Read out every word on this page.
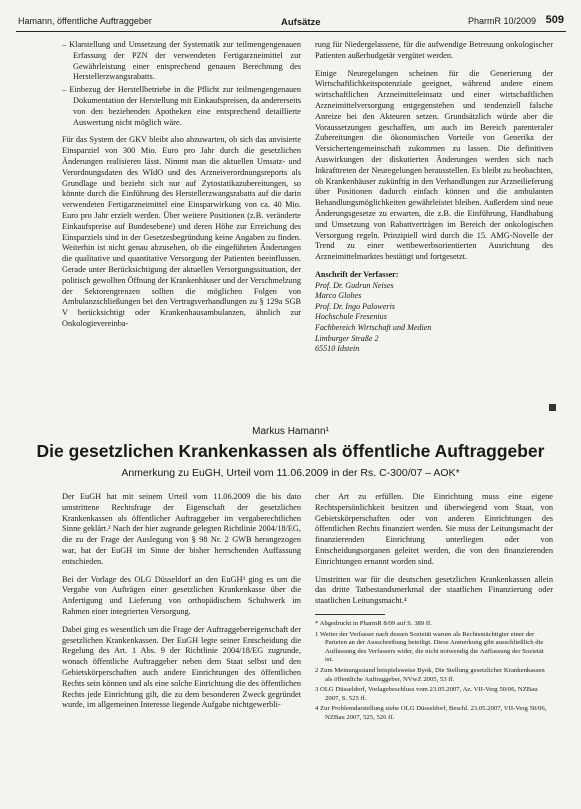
Hamann, öffentliche Auftraggeber	Aufsätze	PharmR 10/2009 509

– Klarstellung und Umsetzung der Systematik zur teilmengengenauen Erfassung der PZN der verwendeten Fertigarzneimittel zur Gewährleistung einer entsprechend genauen Berechnung des Herstellerzwangsrabatts.

– Einbezug der Herstellbetriebe in die Pflicht zur teilmengengenauen Dokumentation der Herstellung mit Einkaufspreisen, da andererseits von den beziehenden Apotheken eine entsprechend detaillierte Auswertung nicht möglich wäre.

Für das System der GKV bleibt also abzuwarten, ob sich das anvisierte Einsparziel von 300 Mio. Euro pro Jahr durch die gesetzlichen Änderungen realisieren lässt. Nimmt man die aktuellen Umsatz- und Verordnungsdaten des WIdO und des Arzneiverordnungsreports als Grundlage und bezieht sich nur auf Zytostatikazubereitungen, so könnte durch die Einführung des Herstellerzwangsrabatts auf die darin verwendeten Fertigarzneimittel eine Einsparwirkung von ca. 40 Mio. Euro pro Jahr erzielt werden. Über weitere Positionen (z.B. veränderte Einkaufspreise auf Bundesebene) und deren Höhe zur Erreichung des Einsparziels sind in der Gesetzesbegründung keine Angaben zu finden. Weiterhin ist nicht genau abzusehen, ob die eingeführten Änderungen die qualitative und quantitative Versorgung der Patienten beeinflussen. Gerade unter Berücksichtigung der aktuellen Versorgungssituation, der politisch gewollten Öffnung der Krankenhäuser und der Verschmelzung der Sektorengrenzen sollten die möglichen Folgen von Ambulanzschließungen bei den Vertragsverhandlungen zu § 129a SGB V berücksichtigt oder Krankenhausambulanzen, ähnlich zur Onkologievereinba-

rung für Niedergelassene, für die aufwendige Betreuung onkologischer Patienten außerbudgetär vergütet werden.

Einige Neuregelungen scheinen für die Generierung der Wirtschaftlichkeitspotenziale geeignet, während andere einem wirtschaftlichen Arzneimitteleinsatz und einer wirtschaftlichen Arzneimittelversorgung entgegenstehen und tendenziell falsche Anreize bei den Akteuren setzen. Grundsätzlich würde aber die Voraussetzungen geschaffen, um auch im Bereich parenteraler Zubereitungen die ökonomischen Vorteile von Generika der Versichertengemeinschaft zukommen zu lassen. Die definitiven Auswirkungen der diskutierten Änderungen werden sich nach Inkrafttreten der Neuregelungen herausstellen. Es bleibt zu beobachten, ob Krankenhäuser zukünftig in den Verhandlungen zur Arzneilieferung über Positionen dadurch einfach können und die ambulanten Behandlungsmöglichkeiten gewährleistet bleiben. Außerdem sind neue Änderungsgesetze zu erwarten, die z.B. die Einführung, Handhabung und Umsetzung von Rabattverträgen im Bereich der onkologischen Versorgung regeln. Prinzipiell wird durch die 15. AMG-Novelle der Trend zu einer wettbewerbsorientierten Ausrichtung des Arzneimittelmarktes bestätigt und fortgesetzt.

Anschrift der Verfasser:
Prof. Dr. Gudrun Neises
Marco Globes
Prof. Dr. Ingo Paloweris
Hochschule Fresenius
Fachbereich Wirtschaft und Medien
Limburger Straße 2
65510 Idstein
Markus Hamann¹
Die gesetzlichen Krankenkassen als öffentliche Auftraggeber
Anmerkung zu EuGH, Urteil vom 11.06.2009 in der Rs. C-300/07 – AOK*

Der EuGH hat mit seinem Urteil vom 11.06.2009 die bis dato umstrittene Rechtsfrage der Eigenschaft der gesetzlichen Krankenkassen als öffentlicher Auftraggeber im vergaberechtlichen Sinne geklärt.² Nach der hier zugrunde gelegten Richtlinie 2004/18/EG, die zu der Frage der Auslegung von § 98 Nr. 2 GWB herangezogen war, hat der EuGH im Sinne der bisher herrschenden Auffassung entschieden.

Bei der Vorlage des OLG Düsseldorf an den EuGH³ ging es um die Vergabe von Aufträgen einer gesetzlichen Krankenkasse über die Anfertigung und Lieferung von orthopädischem Schuhwerk im Rahmen einer integrierten Versorgung.

Dabei ging es wesentlich um die Frage der Auftraggebereigenschaft der gesetzlichen Krankenkassen. Der EuGH legte seiner Entscheidung die Regelung des Art. 1 Abs. 9 der Richtlinie 2004/18/EG zugrunde, wonach öffentliche Auftraggeber neben dem Staat selbst und den Gebietskörperschaften auch andere Einrichtungen des öffentlichen Rechts sein können und als eine solche Einrichtung die des öffentlichen Rechts jede Einrichtung gilt, die zu dem besonderen Zweck gegründet wurde, im allgemeinen Interesse liegende Aufgabe nichtgewerbli-

cher Art zu erfüllen. Die Einrichtung muss eine eigene Rechtspersönlichkeit besitzen und überwiegend vom Staat, von Gebietskörperschaften oder von anderen Einrichtungen des öffentlichen Rechts finanziert werden. Sie muss der Leitungsmacht der finanzierenden Einrichtung unterliegen oder von Entscheidungsorganen geleitet werden, die von den finanzierenden Einrichtungen ernannt worden sind.

Umstritten war für die deutschen gesetzlichen Krankenkassen allein das dritte Tatbestandsmerkmal der staatlichen Finanzierung oder staatlichen Leitungsmacht.⁴

* Abgedruckt in PharmR 8/09 auf S. 389 ff.

1 Weiter der Verfasser nach dessen Sozietät warum als Rechtsmächtigter einer der Parteien an der Ausschreibung beteiligt. Diese Anmerkung gibt ausschließlich die Auffassung des Verfassers wider, die nicht notwendig die Auffassung der Sozietät ist.

2 Zum Meinungsstand beispielsweise Byok, Die Stellung gesetzlicher Krankenkassen als öffentliche Auftraggeber, NVwZ 2005, 53 ff.

3 OLG Düsseldorf, Vorlagebeschluss vom 23.05.2007, Az. VII-Verg 50/06, NZBau 2007, S. 525 ff.

4 Zur Problemdarstellung siehe OLG Düsseldorf, Beschl. 23.05.2007, VII-Verg 50/06, NZBau 2007, 525, 526 ff.
